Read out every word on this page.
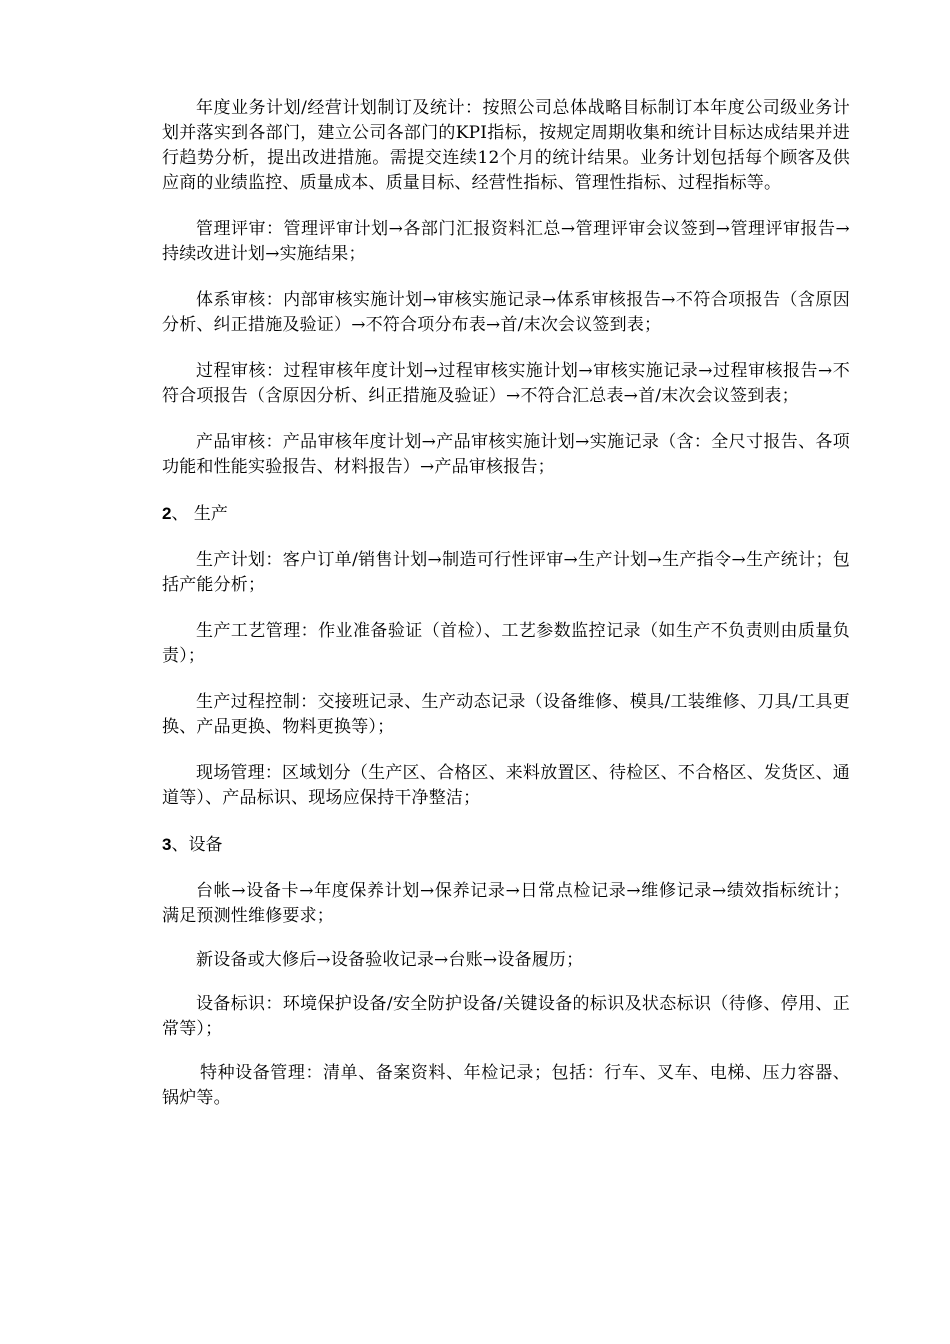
年度业务计划/经营计划制订及统计：按照公司总体战略目标制订本年度公司级业务计划并落实到各部门，建立公司各部门的KPI指标，按规定周期收集和统计目标达成结果并进行趋势分析，提出改进措施。需提交连续12个月的统计结果。业务计划包括每个顾客及供应商的业绩监控、质量成本、质量目标、经营性指标、管理性指标、过程指标等。

管理评审：管理评审计划→各部门汇报资料汇总→管理评审会议签到→管理评审报告→持续改进计划→实施结果；

体系审核：内部审核实施计划→审核实施记录→体系审核报告→不符合项报告（含原因分析、纠正措施及验证）→不符合项分布表→首/末次会议签到表；

过程审核：过程审核年度计划→过程审核实施计划→审核实施记录→过程审核报告→不符合项报告（含原因分析、纠正措施及验证）→不符合汇总表→首/末次会议签到表；

产品审核：产品审核年度计划→产品审核实施计划→实施记录（含：全尺寸报告、各项功能和性能实验报告、材料报告）→产品审核报告；

2、 生产

生产计划：客户订单/销售计划→制造可行性评审→生产计划→生产指令→生产统计；包括产能分析；

生产工艺管理：作业准备验证（首检）、工艺参数监控记录（如生产不负责则由质量负责）；

生产过程控制：交接班记录、生产动态记录（设备维修、模具/工装维修、刀具/工具更换、产品更换、物料更换等）；

现场管理：区域划分（生产区、合格区、来料放置区、待检区、不合格区、发货区、通道等）、产品标识、现场应保持干净整洁；

3、设备

台帐→设备卡→年度保养计划→保养记录→日常点检记录→维修记录→绩效指标统计；满足预测性维修要求；

新设备或大修后→设备验收记录→台账→设备履历；

设备标识：环境保护设备/安全防护设备/关键设备的标识及状态标识（待修、停用、正常等）；

特种设备管理：清单、备案资料、年检记录；包括：行车、叉车、电梯、压力容器、锅炉等。
